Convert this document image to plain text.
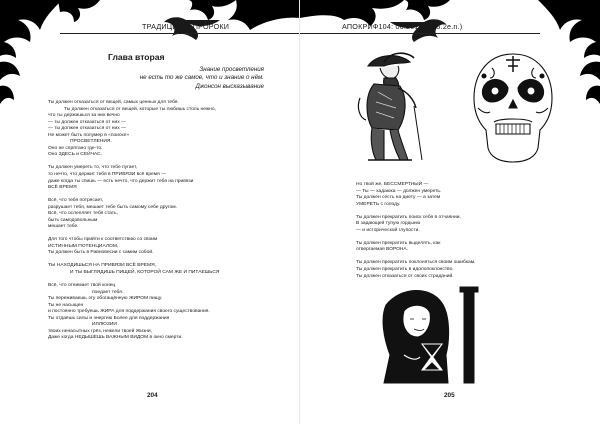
ТРАДИЦИИ И ПРОРОКИ
Глава вторая
Знание просветления
не есть то же самое, что и знание о нём.
Джонсон высказывание
Ты должен отказаться от вещей, самых ценных для тебя.
Ты должен отказаться от вещей, которые ты любишь столь нежно,
что ты держишься за них вечно
— ты должен отказаться от них —
— ты должен отказаться от них —
Не может быть полумер в «поиске»
ПРОСВЕТЛЕНИЯ.
Оно не спрятано где-то.
Оно ЗДЕСЬ и СЕЙЧАС.
Ты должен умереть то, что тебе пугает,
то нечто, что держит тебя в ПРИВЯЗИ всё время —
даже когда ты спишь — есть нечто, что держит тебя на привязи
ВСЁ ВРЕМЯ
Всё, что тебя потрясает,
разрушает тебя, мешает тебе быть самому себе другом.
Всё, что ослепляет тебя стать,
быть самодовольным
мешает тебе.
Для того чтобы прийти к соответствию со своим
ИСТИННЫМ ПОТЕНЦИАЛОМ,
Ты должен быть в Равновесии с самим собой.
ТЫ НАХОДИШЬСЯ НА ПРИВЯЗИ ВСЁ ВРЕМЯ,
И ТЫ ВЫГЛЯДИШЬ ПИЩЕЙ, КОТОРОЙ САМ ЖЕ И ПИТАЕШЬСЯ
Всё, что отнимает твой конец
поедает тебя.
Ты переживаешь эту обогащённую ЖИРОМ пищу.
Ты не насыщен
и постоянно требуешь ЖИРА для поддержания своего существования.
Ты отдаёшь силы и энергию Более для поддержания
ИЛЛЮЗИИ
твоих ненасытных грёз, нежели твоей Жизни,
Даже когда НЕДЫШЕШЬ ВАЖНЫМ ВИДОМ в окно смерти.
204
АПОКРИФ104: 06.2016 (III.5.2e.n.)
Но твой же, БЕССМЕРТНЫЙ —
— Ты — хадаюка — должен умереть.
Ты должен сесть на диету — а затем
УМЕРЕТЬ с голоду.
Ты должен прекратить поиск себя в отчаянии,
В задающей тупую гордыню
— и исторической глупости.
Ты должен прекратить выделять, как
отвергаемая ВОРОНА.
Ты должен прекратить поклоняться своим ошибкам.
Ты должен прекратить в идолопоклонство.
Ты должен отказаться от своих страданий.
205
